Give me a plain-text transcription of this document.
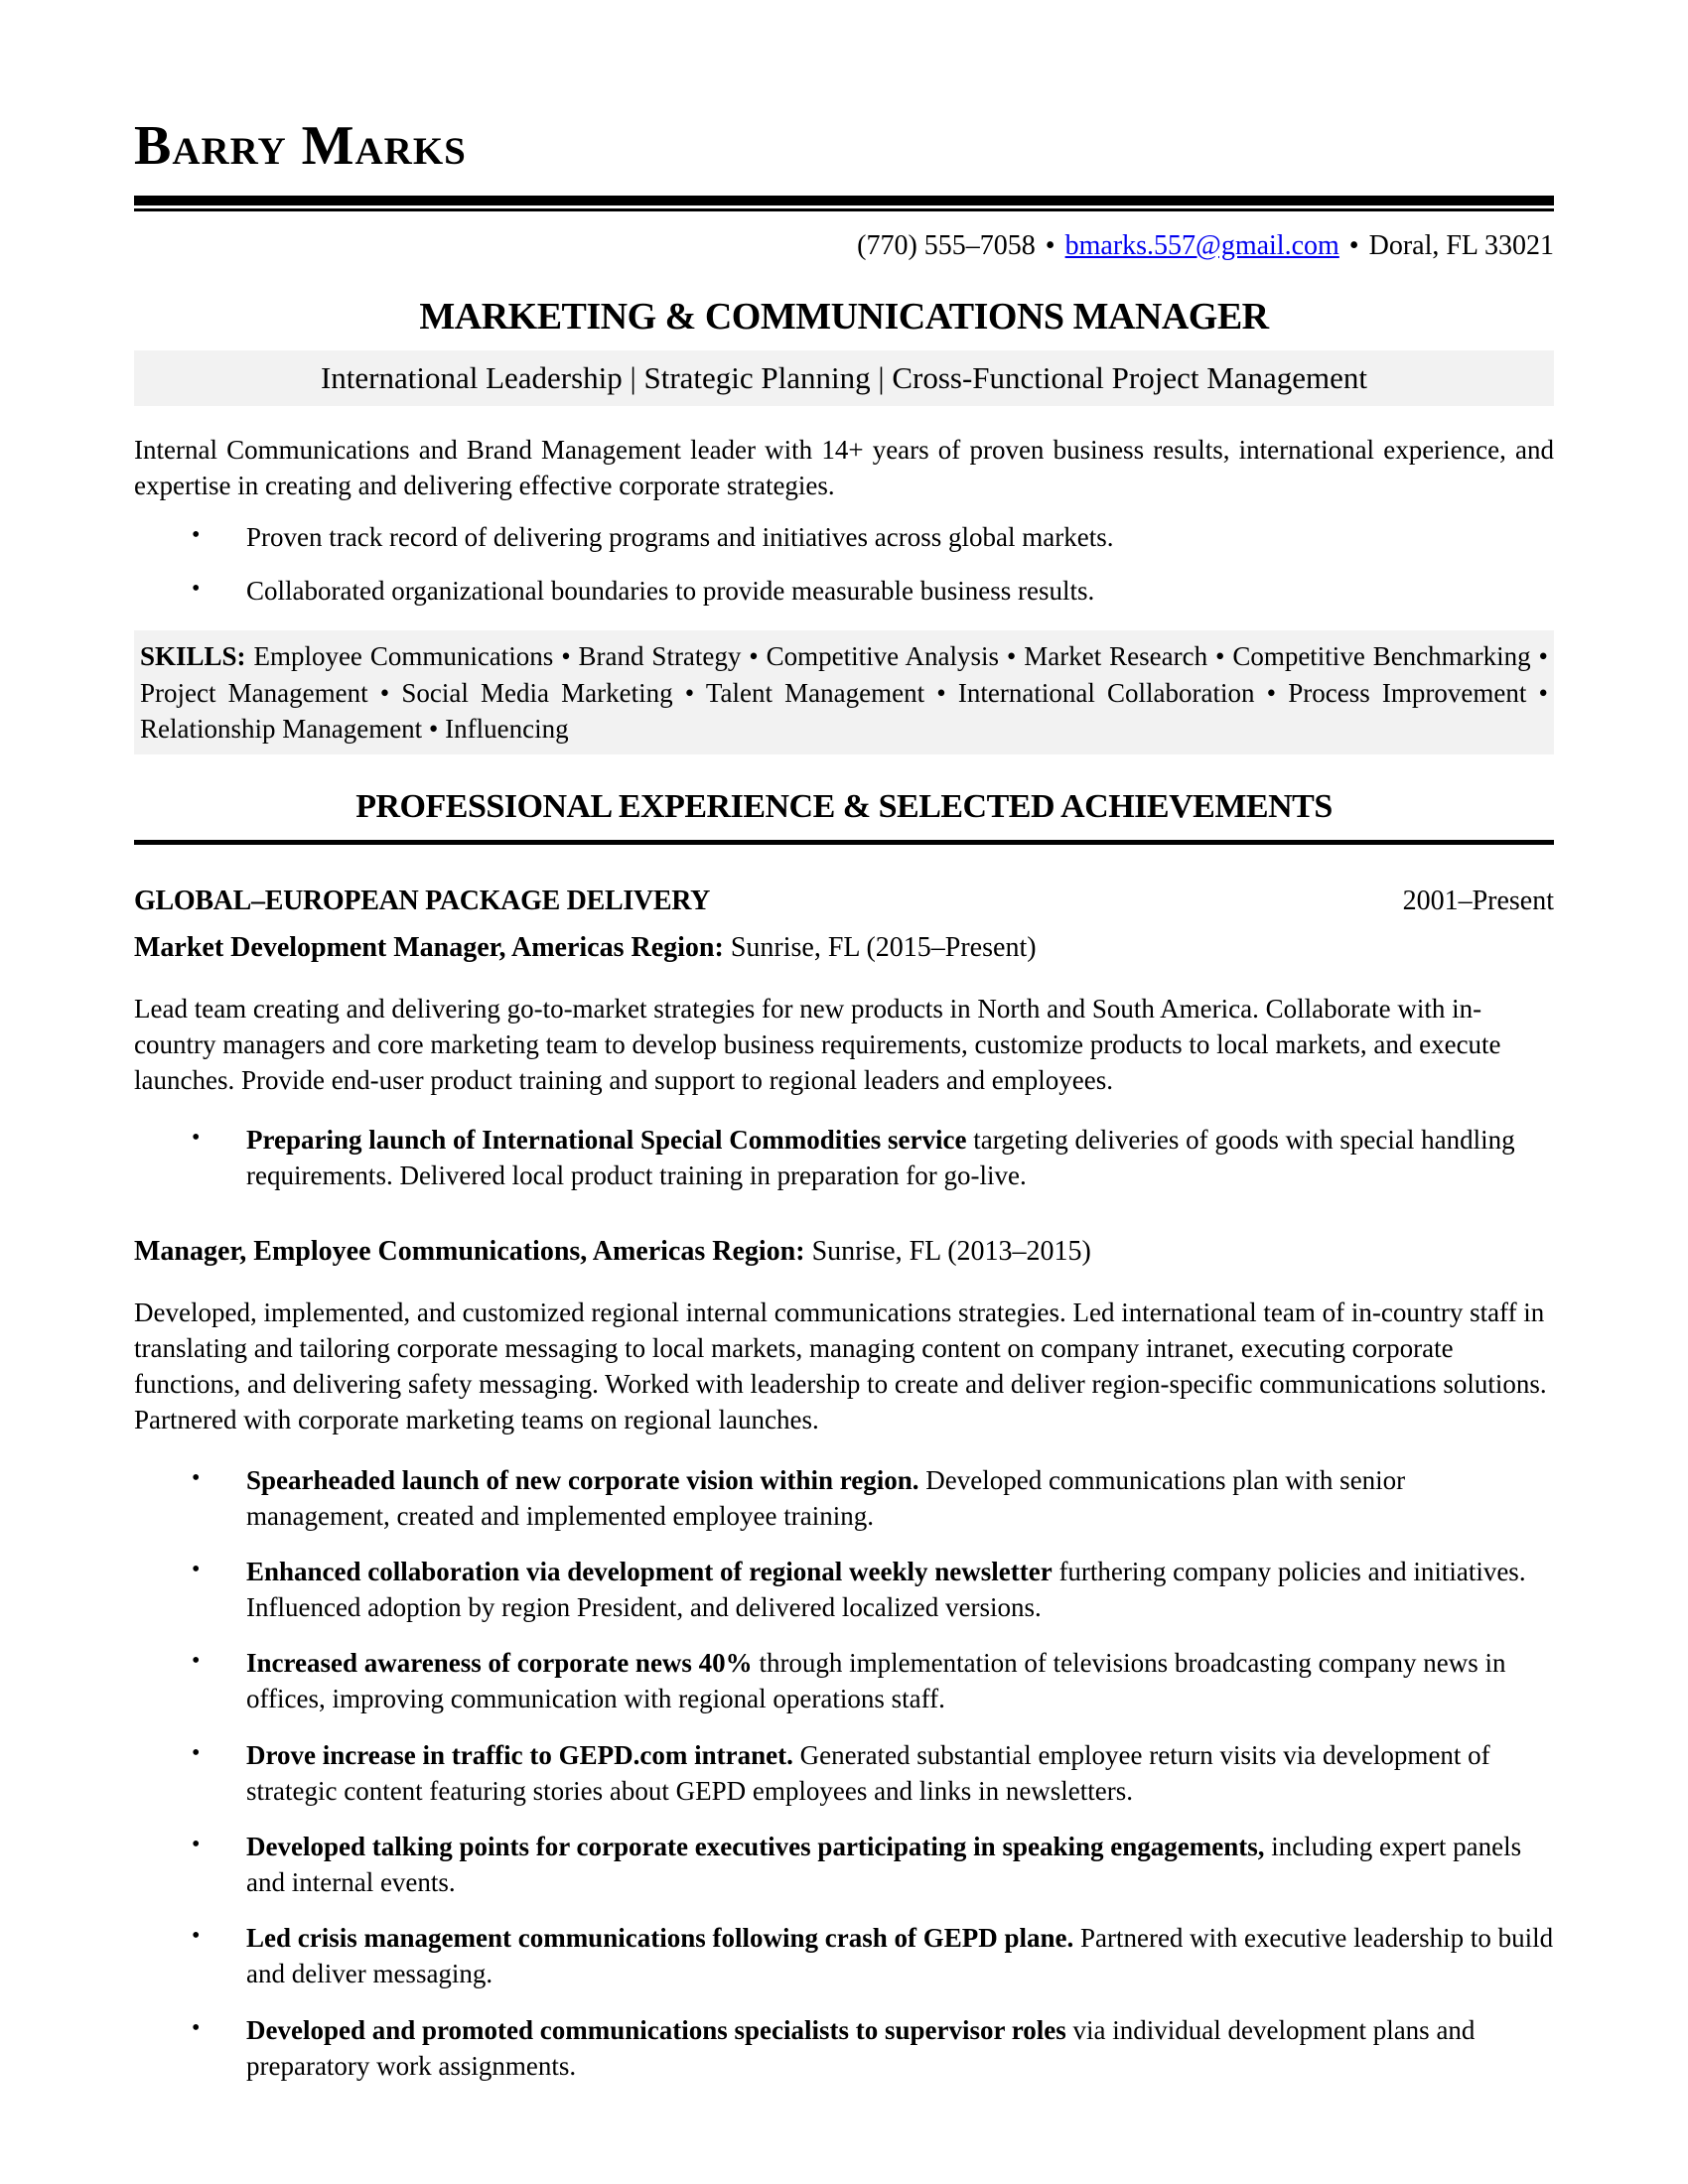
Barry Marks
(770) 555–7058 • bmarks.557@gmail.com • Doral, FL 33021
MARKETING & COMMUNICATIONS MANAGER
International Leadership | Strategic Planning | Cross-Functional Project Management

Internal Communications and Brand Management leader with 14+ years of proven business results, international experience, and expertise in creating and delivering effective corporate strategies.

•	Proven track record of delivering programs and initiatives across global markets.
•	Collaborated organizational boundaries to provide measurable business results.
SKILLS: Employee Communications • Brand Strategy • Competitive Analysis • Market Research • Competitive Benchmarking • Project Management • Social Media Marketing • Talent Management • International Collaboration • Process Improvement • Relationship Management • Influencing
PROFESSIONAL EXPERIENCE & SELECTED ACHIEVEMENTS
GLOBAL–EUROPEAN PACKAGE DELIVERY	2001–Present
Market Development Manager, Americas Region: Sunrise, FL (2015–Present)

Lead team creating and delivering go-to-market strategies for new products in North and South America. Collaborate with in-country managers and core marketing team to develop business requirements, customize products to local markets, and execute launches. Provide end-user product training and support to regional leaders and employees.

•	Preparing launch of International Special Commodities service targeting deliveries of goods with special handling requirements. Delivered local product training in preparation for go-live.
Manager, Employee Communications, Americas Region: Sunrise, FL (2013–2015)

Developed, implemented, and customized regional internal communications strategies. Led international team of in-country staff in translating and tailoring corporate messaging to local markets, managing content on company intranet, executing corporate functions, and delivering safety messaging. Worked with leadership to create and deliver region-specific communications solutions. Partnered with corporate marketing teams on regional launches.

•	Spearheaded launch of new corporate vision within region. Developed communications plan with senior management, created and implemented employee training.
•	Enhanced collaboration via development of regional weekly newsletter furthering company policies and initiatives. Influenced adoption by region President, and delivered localized versions.
•	Increased awareness of corporate news 40% through implementation of televisions broadcasting company news in offices, improving communication with regional operations staff.
•	Drove increase in traffic to GEPD.com intranet. Generated substantial employee return visits via development of strategic content featuring stories about GEPD employees and links in newsletters.
•	Developed talking points for corporate executives participating in speaking engagements, including expert panels and internal events.
•	Led crisis management communications following crash of GEPD plane. Partnered with executive leadership to build and deliver messaging.
•	Developed and promoted communications specialists to supervisor roles via individual development plans and preparatory work assignments.
